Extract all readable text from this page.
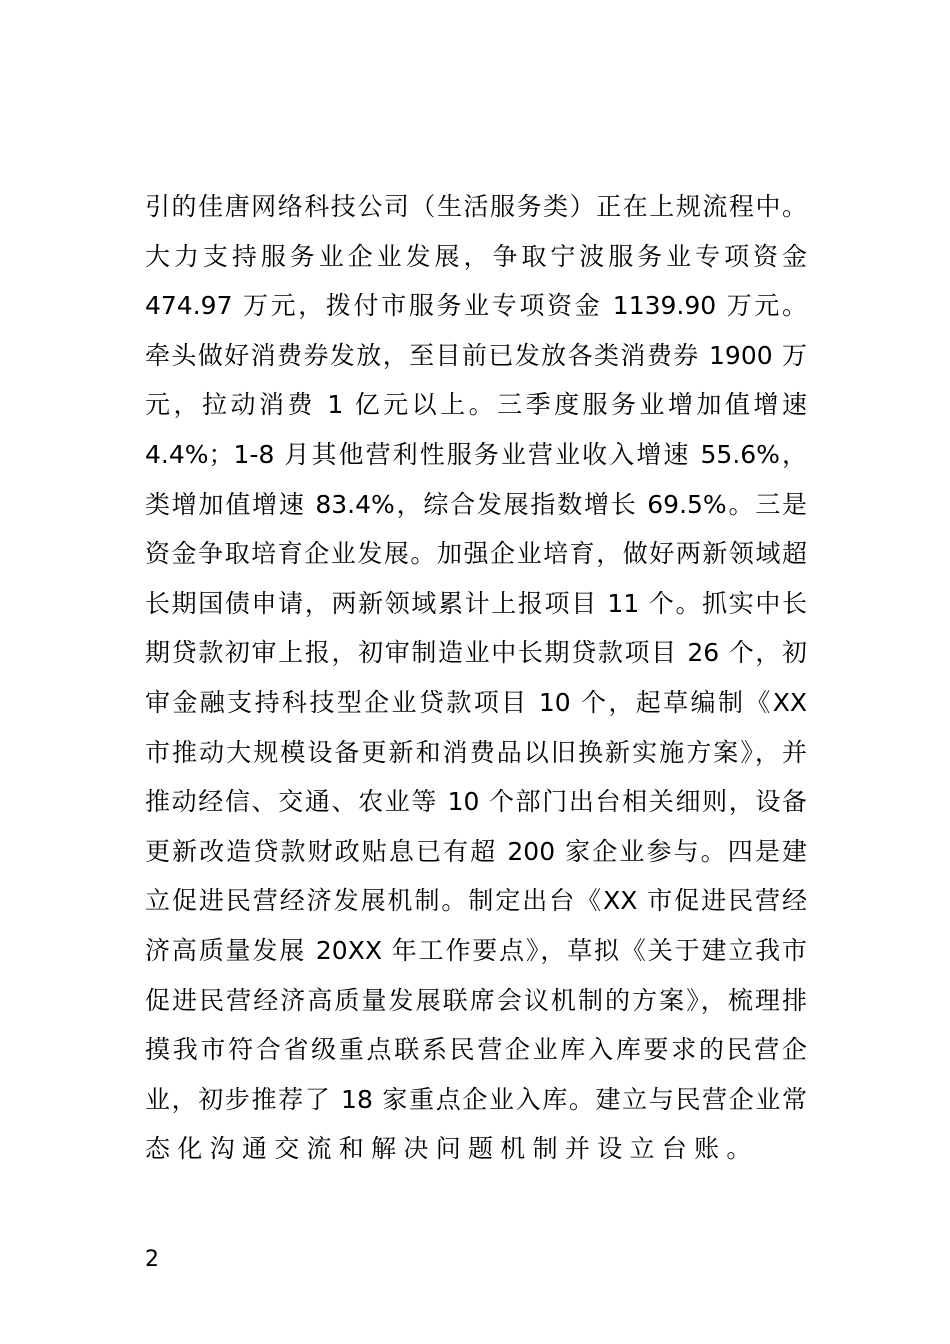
引的佳唐网络科技公司（生活服务类）正在上规流程中。
大力支持服务业企业发展，争取宁波服务业专项资金
474.97 万元，拨付市服务业专项资金 1139.90 万元。
牵头做好消费券发放，至目前已发放各类消费券 1900 万
元，拉动消费 1 亿元以上。三季度服务业增加值增速
4.4%；1-8 月其他营利性服务业营业收入增速 55.6%，
类增加值增速 83.4%，综合发展指数增长 69.5%。三是
资金争取培育企业发展。加强企业培育，做好两新领域超
长期国债申请，两新领域累计上报项目 11 个。抓实中长
期贷款初审上报，初审制造业中长期贷款项目 26 个，初
审金融支持科技型企业贷款项目 10 个，起草编制《XX
市推动大规模设备更新和消费品以旧换新实施方案》，并
推动经信、交通、农业等 10 个部门出台相关细则，设备
更新改造贷款财政贴息已有超 200 家企业参与。四是建
立促进民营经济发展机制。制定出台《XX 市促进民营经
济高质量发展 20XX 年工作要点》，草拟《关于建立我市
促进民营经济高质量发展联席会议机制的方案》，梳理排
摸我市符合省级重点联系民营企业库入库要求的民营企
业，初步推荐了 18 家重点企业入库。建立与民营企业常
态化沟通交流和解决问题机制并设立台账。
2
